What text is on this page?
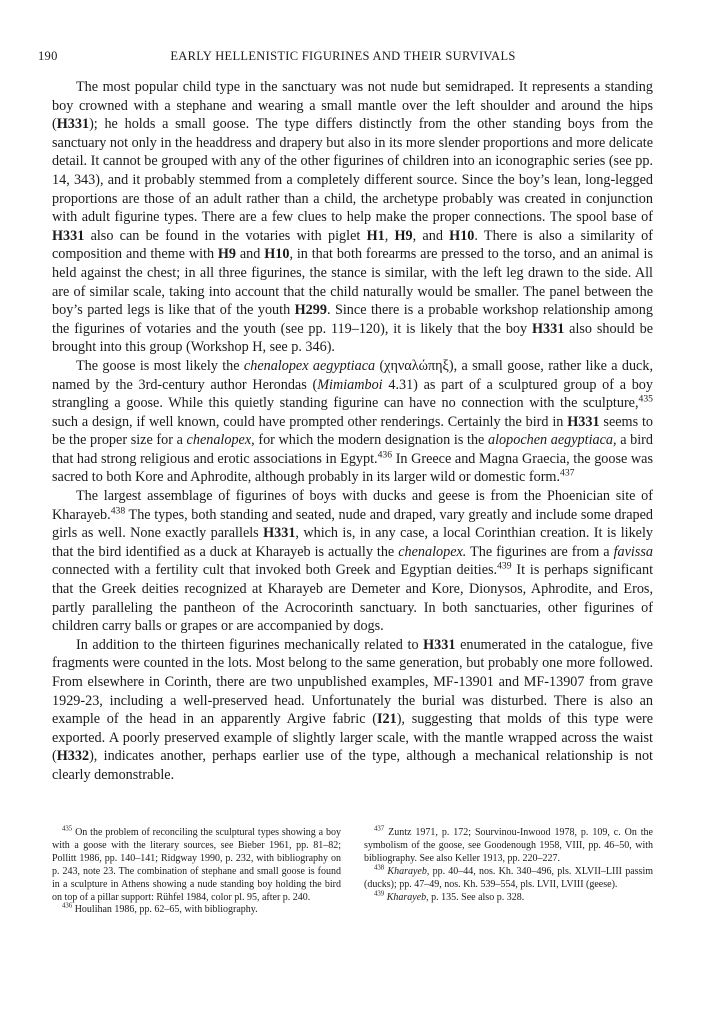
190	EARLY HELLENISTIC FIGURINES AND THEIR SURVIVALS

The most popular child type in the sanctuary was not nude but semidraped. It represents a standing boy crowned with a stephane and wearing a small mantle over the left shoulder and around the hips (H331); he holds a small goose. The type differs distinctly from the other standing boys from the sanctuary not only in the headdress and drapery but also in its more slender proportions and more delicate detail. It cannot be grouped with any of the other figurines of children into an iconographic series (see pp. 14, 343), and it probably stemmed from a completely different source. Since the boy’s lean, long-legged proportions are those of an adult rather than a child, the archetype probably was created in conjunction with adult figurine types. There are a few clues to help make the proper connections. The spool base of H331 also can be found in the votaries with piglet H1, H9, and H10. There is also a similarity of composition and theme with H9 and H10, in that both forearms are pressed to the torso, and an animal is held against the chest; in all three figurines, the stance is similar, with the left leg drawn to the side. All are of similar scale, taking into account that the child naturally would be smaller. The panel between the boy’s parted legs is like that of the youth H299. Since there is a probable workshop relationship among the figurines of votaries and the youth (see pp. 119–120), it is likely that the boy H331 also should be brought into this group (Workshop H, see p. 346).

The goose is most likely the chenalopex aegyptiaca (χηναλώπηξ), a small goose, rather like a duck, named by the 3rd-century author Herondas (Mimiamboi 4.31) as part of a sculptured group of a boy strangling a goose. While this quietly standing figurine can have no connection with the sculpture,$^{435}$ such a design, if well known, could have prompted other renderings. Certainly the bird in H331 seems to be the proper size for a chenalopex, for which the modern designation is the alopochen aegyptiaca, a bird that had strong religious and erotic associations in Egypt.$^{436}$ In Greece and Magna Graecia, the goose was sacred to both Kore and Aphrodite, although probably in its larger wild or domestic form.$^{437}$

The largest assemblage of figurines of boys with ducks and geese is from the Phoenician site of Kharayeb.$^{438}$ The types, both standing and seated, nude and draped, vary greatly and include some draped girls as well. None exactly parallels H331, which is, in any case, a local Corinthian creation. It is likely that the bird identified as a duck at Kharayeb is actually the chenalopex. The figurines are from a favissa connected with a fertility cult that invoked both Greek and Egyptian deities.$^{439}$ It is perhaps significant that the Greek deities recognized at Kharayeb are Demeter and Kore, Dionysos, Aphrodite, and Eros, partly paralleling the pantheon of the Acrocorinth sanctuary. In both sanctuaries, other figurines of children carry balls or grapes or are accompanied by dogs.

In addition to the thirteen figurines mechanically related to H331 enumerated in the catalogue, five fragments were counted in the lots. Most belong to the same generation, but probably one more followed. From elsewhere in Corinth, there are two unpublished examples, MF-13901 and MF-13907 from grave 1929-23, including a well-preserved head. Unfortunately the burial was disturbed. There is also an example of the head in an apparently Argive fabric (I21), suggesting that molds of this type were exported. A poorly preserved example of slightly larger scale, with the mantle wrapped across the waist (H332), indicates another, perhaps earlier use of the type, although a mechanical relationship is not clearly demonstrable.

$^{435}$ On the problem of reconciling the sculptural types showing a boy with a goose with the literary sources, see Bieber 1961, pp. 81–82; Pollitt 1986, pp. 140–141; Ridgway 1990, p. 232, with bibliography on p. 243, note 23. The combination of stephane and small goose is found in a sculpture in Athens showing a nude standing boy holding the bird on top of a pillar support: Rühfel 1984, color pl. 95, after p. 240.

$^{436}$ Houlihan 1986, pp. 62–65, with bibliography.

$^{437}$ Zuntz 1971, p. 172; Sourvinou-Inwood 1978, p. 109, c. On the symbolism of the goose, see Goodenough 1958, VIII, pp. 46–50, with bibliography. See also Keller 1913, pp. 220–227.

$^{438}$ Kharayeb, pp. 40–44, nos. Kh. 340–496, pls. XLVII–LIII passim (ducks); pp. 47–49, nos. Kh. 539–554, pls. LVII, LVIII (geese).

$^{439}$ Kharayeb, p. 135. See also p. 328.
